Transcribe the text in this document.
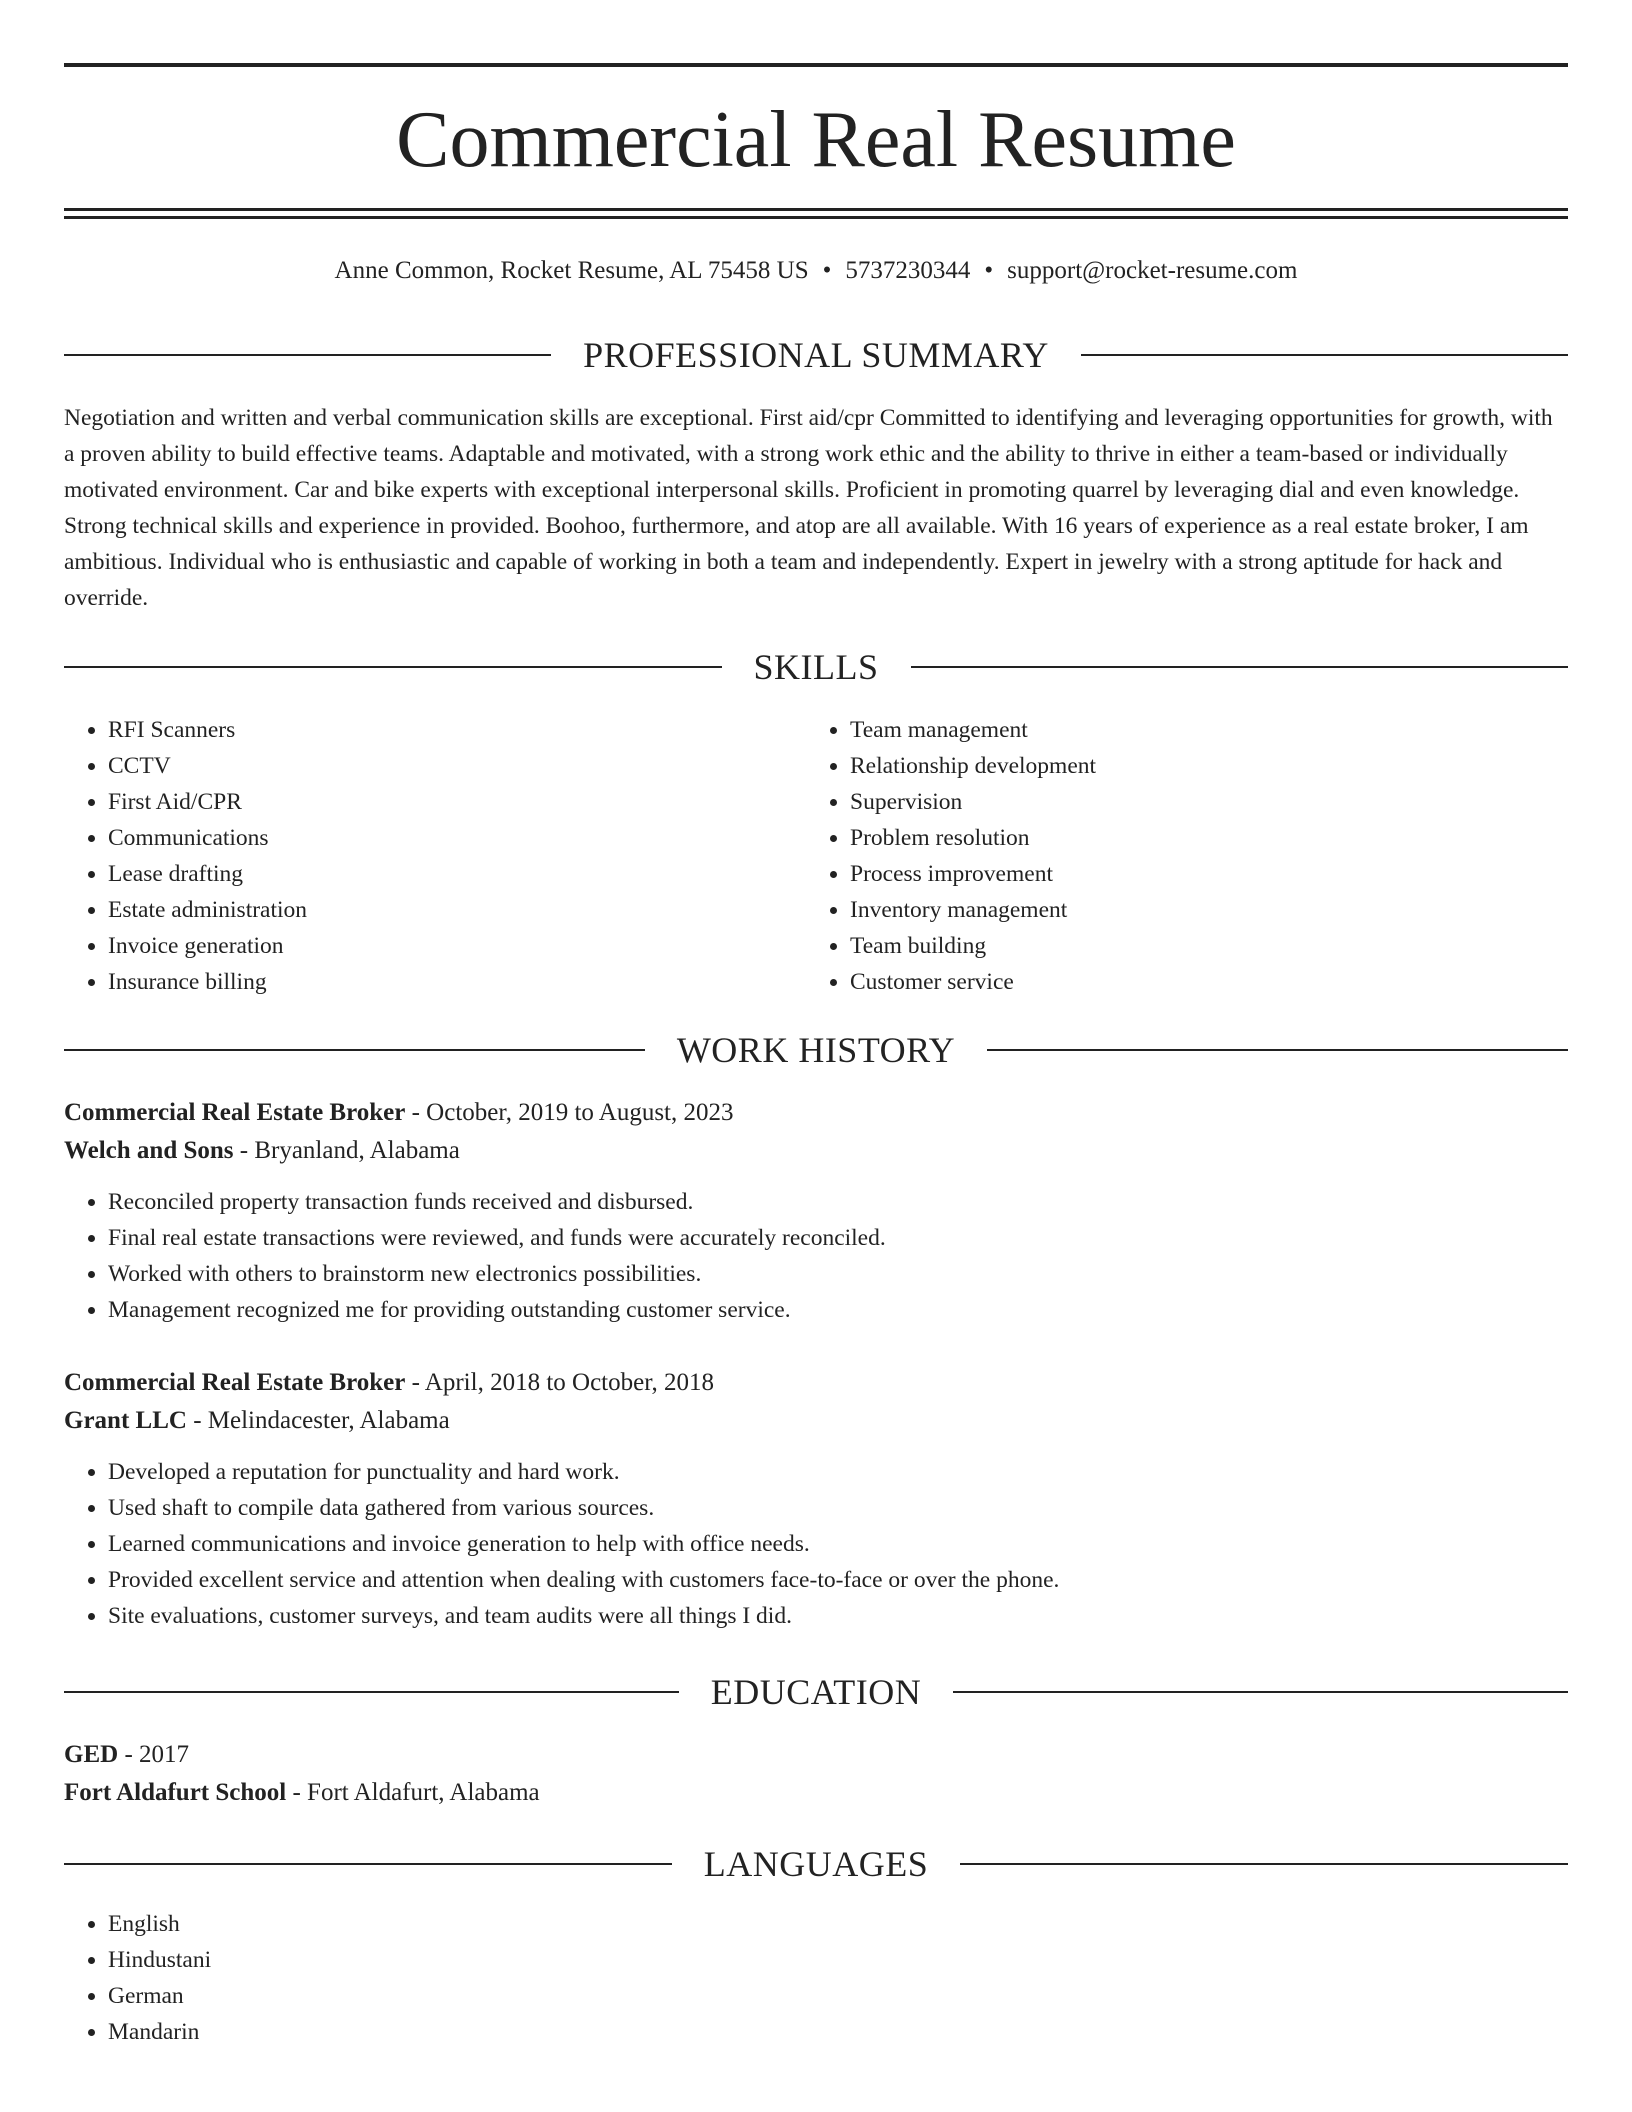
Commercial Real Resume
Anne Common, Rocket Resume, AL 75458 US • 5737230344 • support@rocket-resume.com
PROFESSIONAL SUMMARY

Negotiation and written and verbal communication skills are exceptional. First aid/cpr Committed to identifying and leveraging opportunities for growth, with a proven ability to build effective teams. Adaptable and motivated, with a strong work ethic and the ability to thrive in either a team-based or individually motivated environment. Car and bike experts with exceptional interpersonal skills. Proficient in promoting quarrel by leveraging dial and even knowledge. Strong technical skills and experience in provided. Boohoo, furthermore, and atop are all available. With 16 years of experience as a real estate broker, I am ambitious. Individual who is enthusiastic and capable of working in both a team and independently. Expert in jewelry with a strong aptitude for hack and override.

SKILLS
• RFI Scanners
• CCTV
• First Aid/CPR
• Communications
• Lease drafting
• Estate administration
• Invoice generation
• Insurance billing
• Team management
• Relationship development
• Supervision
• Problem resolution
• Process improvement
• Inventory management
• Team building
• Customer service
WORK HISTORY
Commercial Real Estate Broker - October, 2019 to August, 2023
Welch and Sons - Bryanland, Alabama
• Reconciled property transaction funds received and disbursed.
• Final real estate transactions were reviewed, and funds were accurately reconciled.
• Worked with others to brainstorm new electronics possibilities.
• Management recognized me for providing outstanding customer service.
Commercial Real Estate Broker - April, 2018 to October, 2018
Grant LLC - Melindacester, Alabama
• Developed a reputation for punctuality and hard work.
• Used shaft to compile data gathered from various sources.
• Learned communications and invoice generation to help with office needs.
• Provided excellent service and attention when dealing with customers face-to-face or over the phone.
• Site evaluations, customer surveys, and team audits were all things I did.
EDUCATION
GED - 2017
Fort Aldafurt School - Fort Aldafurt, Alabama
LANGUAGES
• English
• Hindustani
• German
• Mandarin
